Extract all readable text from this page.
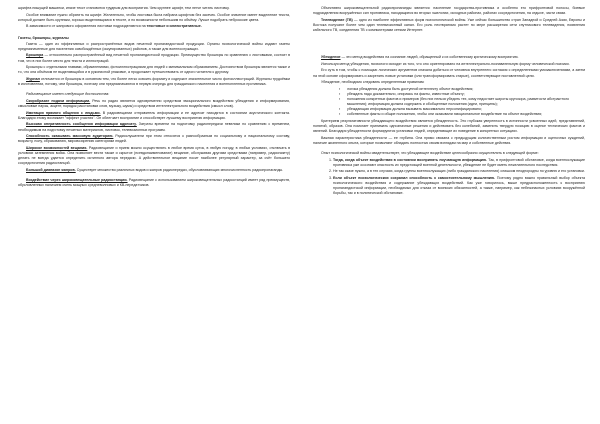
шрифта пишущей машинки, иначе текст становится трудным для восприятия. Чем крупнее шрифт, тем легче читать листовку.

Особое внимание нужно обратить на шрифт. Желательно, чтобы листовка была набрана шрифтом без засечек. Особое значение имеет выделение текста, который должен быть крупным, хорошо выделяющимся в тексте, и по возможности небольшим по объёму. Лучше подобрать небросские цвета.

В зависимости от жанрового оформления листовки подразделяются на текстовые и иллюстративные.

Газеты, брошюры, журналы

Газета — один из эффективных и распространённых видов печатной пропагандистской продукции. Органы психологической войны издают газеты предназначенные для населения освобождённых (оккупированных) районов, а также для военнослужащих.

Брошюра — относительно распространённый вид печатной пропагандистской продукции. Преимущество брошюры по сравнению с листовками, состоит в том, что в них более место для текста и иллюстраций.

Брошюры с отдельными главами, обрамлениями, фотоиллюстрациями для людей с минимальным образованием. Достоинством брошюры является также и то, что она объёмом не выделяющийся и в рукописной упаковке, а продолжает путешествовать от одного читателя к другому.

Журнал отличается от брошюры в основном тем, что более легко освоить формату и содержит значительное число фотоиллюстраций. Журналы трудоёмки в изготовлении, потому, чем брошюры, поэтому они предназначаются в первую очередь для гражданского населения и военнопленных противника.

Радиовещание имеет следующие достоинства:

Скоробразие подачи информации. Речь по радио является одновременно средством эмоционального воздействия убеждения и информирования, смысловые паузы, акцент, порядок расстановки слов, музыку, шумы) и средством интеллектуального воздействия (смысл слов).

Имитация прямого общения с людьми. В радиовещании отправитель информации и ее адресат находятся в состоянии акустического контакта. Благодаря этому возникает "эффект участия". Он облегчает восприятие и способствует лучшему восприятию информации.

Высокая оперативность сообщения информации адресату. Затраты времени на подготовку радиопередачи невелики по сравнению с временем, необходимым на подготовку печатных материалов, листовок, телевизионных программ.

Способность оказывать массовую аудиторию. Радиослушатели при этом относятся к разнообразным по социальному и национальному составу, возрасту, полу, образованию, мировоззрению категориям людей.

Широкое возможностей вещания. Радиовещание и прием можно осуществлять в любое время суток, в любую погоду, в любых условиях, отключать в условиях затемнения войск. Она позволяет вести также и скрытое (псевдонаименование) вещание, обслуживая другими средствами (например, радиогазету) делать не всегда удается определить истинного автора передачи. А действительное вещание носит наиболее регулярный характер, за счёт большего сосредоточения радиостанций.

Большой диапазон жанров. Существует множество различных видов и жанров радиопередач, обусловливающих многочисленность радиопропаганды.

Воздействие через широковещательные радиостанции. Радиовещание с использованием широковещательных радиостанций имеет ряд преимуществ, обусловленных наличием очень мощных средневолновых и КВ-передатчиков.

Объективно широковещательной радиопропаганды является: население государства-противника и особенно его прифронтовой полосы, боевые подразделения вооружённых сил противника, находящиеся во вторых эшелонах, исходных районах, районах сосредоточения, на отдыхе, части связи.

Телевидение (ТВ) — одно из наиболее эффективных форм психологической войны. Уже сейчас большинство стран Западной и Средней Азии, Европы и Востока получают более чем один телевизионный канал. Его роль неотвратимо растет по мере расширения сети спутникового телевидения, появления кабельного ТВ, соединения ТВ с компьютерами сетями Интернет.

Убеждение — это метод воздействия на сознание людей, обращенный к их собственному критическому восприятию.

Используя метод убеждения, психологи исходят из того, что оно ориентировано на интеллектуально-познавательную форму человеческой психики.

Его суть в том, чтобы с помощью логических аргументов сначала добиться от человека внутреннего согласия с определенными умозаключениями, а затем на этой основе сформировать и закрепить новые установки (или трансформировать старые), соответствующие поставленной цели.

Убеждение, необходимо следовать определенным правилам:

▪ логика убеждения должна быть доступной интеллекту объект воздействия;
▪ убеждать надо доказательно, опираясь на факты, известные объекту;
▪ положения конкретных фактов и примеров (без них нельзя убедить тех, кому недостает широты кругозора, развитости абстрактного мышления); информация должна содержать и обобщенные положения (идеи, принципы);
▪ убеждающая информация должна вызывать максимально персонифицировано;
▪ собственные факты и общие положения, чтобы они оказывали эмоциональное воздействие на объект воздействия;

Критерием результативности убеждающего воздействия является убежденность. Это глубокая уверенность в истинности усвоенных идей, представлений, понятий, образов. Она помогает принимать однозначные решения и действовать без колебаний, заменить твердую позицию в оценке технических фактов и явлений. Благодаря убежденности формируются установки людей, определяющие их поведение в конкретных ситуациях.

Важная характеристика убежденности — ее глубина. Она прямо связана с предыдущим количественным ростом информации и оценочных суждений, наличие жизненного опыта, которые позволяют обладать полностью своим взглядам на мир и собственные действия.

Опыт психологической войны свидетельствует, что убеждающее воздействие целесообразно осуществлять в следующей форме:

1. Тогда, когда объект воздействия в состоянии воспринять поучающую информацию. Так, в прифронтовой обстановке, когда военнослужащие противника уже осознают опасность их предстоящей военной деятельности, убеждение не будет иметь нежелательного последствия.
2. Не так сказе нужно, а в тех случаях, когда группы военнослужащих (либо гражданского населения) слишком неоднородны по уровню и его установки.
3. Если объект психологических сохранил способность к самостоятельному мышлению. Поэтому рядно важно правильный выбор объекта психологического воздействия и содержание убеждающих воздействий. Как уже говорилось, выше предрасположенность к восприятию пропагандистской информации, необходимых для отказа от воинских обязанностей, а также, например, как небезопасных условиях вооружённой борьбы, так и в политической обстановке.
